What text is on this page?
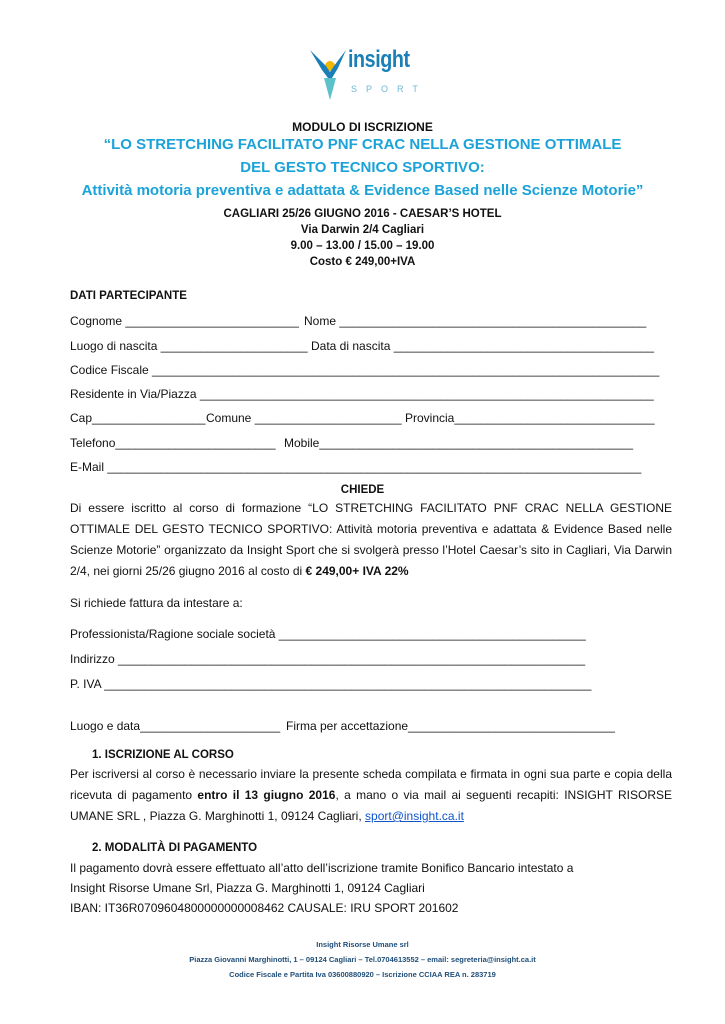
insight
SPORT
MODULO DI ISCRIZIONE
“LO STRETCHING FACILITATO PNF CRAC NELLA GESTIONE OTTIMALE
DEL GESTO TECNICO SPORTIVO:
Attività motoria preventiva e adattata & Evidence Based nelle Scienze Motorie”
CAGLIARI 25/26 GIUGNO 2016 - CAESAR’S HOTEL
Via Darwin 2/4 Cagliari
9.00 – 13.00 / 15.00 – 19.00
Costo € 249,00+IVA
DATI PARTECIPANTE
Cognome __________________________ Nome ______________________________________________
Luogo di nascita ______________________ Data di nascita _______________________________________
Codice Fiscale ____________________________________________________________________________
Residente in Via/Piazza ____________________________________________________________________
Cap_________________ Comune ______________________ Provincia______________________________
Telefono________________________ Mobile_______________________________________________
E-Mail ________________________________________________________________________________
CHIEDE
Di essere iscritto al corso di formazione “LO STRETCHING FACILITATO PNF CRAC NELLA GESTIONE OTTIMALE DEL GESTO TECNICO SPORTIVO: Attività motoria preventiva e adattata & Evidence Based nelle Scienze Motorie” organizzato da Insight Sport che si svolgerà presso l’Hotel Caesar’s sito in Cagliari, Via Darwin 2/4, nei giorni 25/26 giugno 2016 al costo di € 249,00+ IVA 22%
Si richiede fattura da intestare a:
Professionista/Ragione sociale società ______________________________________________
Indirizzo ______________________________________________________________________
P. IVA _________________________________________________________________________
Luogo e data_____________________ Firma per accettazione_______________________________
1. ISCRIZIONE AL CORSO
Per iscriversi al corso è necessario inviare la presente scheda compilata e firmata in ogni sua parte e copia della ricevuta di pagamento entro il 13 giugno 2016, a mano o via mail ai seguenti recapiti: INSIGHT RISORSE UMANE SRL , Piazza G. Marghinotti 1, 09124 Cagliari, sport@insight.ca.it
2. MODALITÀ DI PAGAMENTO
Il pagamento dovrà essere effettuato all’atto dell’iscrizione tramite Bonifico Bancario intestato a
Insight Risorse Umane Srl, Piazza G. Marghinotti 1, 09124 Cagliari
IBAN: IT36R0709604800000000008462 CAUSALE: IRU SPORT 201602
Insight Risorse Umane srl
Piazza Giovanni Marghinotti, 1 – 09124 Cagliari – Tel.0704613552 – email: segreteria@insight.ca.it
Codice Fiscale e Partita Iva 03600880920 – Iscrizione CCIAA REA n. 283719
